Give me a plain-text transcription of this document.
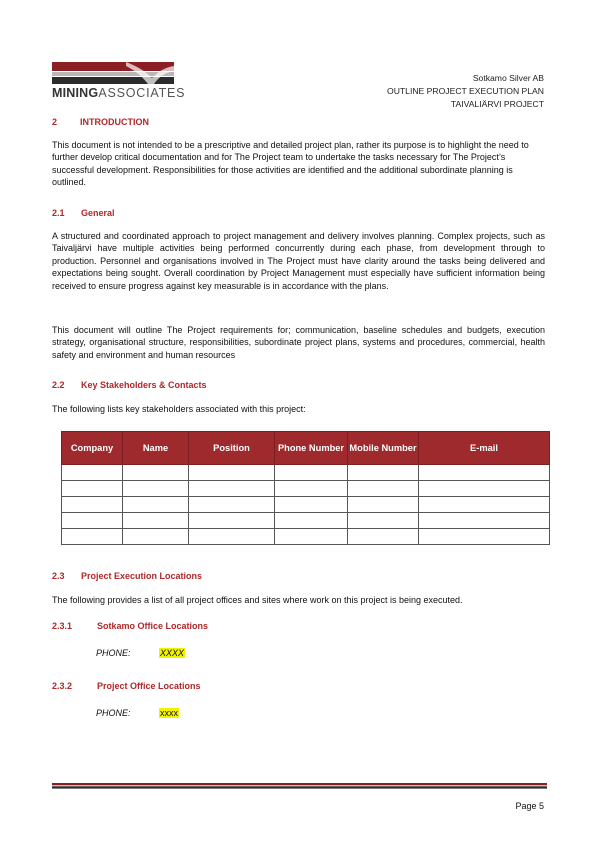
MININGASSOCIATES
Sotkamo Silver AB
OUTLINE PROJECT EXECUTION PLAN
TAIVALIÄRVI PROJECT
2	INTRODUCTION
This document is not intended to be a prescriptive and detailed project plan, rather its purpose is to highlight the need to further develop critical documentation and for The Project team to undertake the tasks necessary for The Project’s successful development. Responsibilities for those activities are identified and the additional subordinate planning is outlined.
2.1 General
A structured and coordinated approach to project management and delivery involves planning. Complex projects, such as Taivaljärvi have multiple activities being performed concurrently during each phase, from development through to production. Personnel and organisations involved in The Project must have clarity around the tasks being delivered and expectations being sought. Overall coordination by Project Management must especially have sufficient information being received to ensure progress against key measurable is in accordance with the plans.
This document will outline The Project requirements for; communication, baseline schedules and budgets, execution strategy, organisational structure, responsibilities, subordinate project plans, systems and procedures, commercial, health safety and environment and human resources
2.2 Key Stakeholders & Contacts
The following lists key stakeholders associated with this project:
Company	Name	Position	Phone Number	Mobile Number	E-mail

2.3 Project Execution Locations
The following provides a list of all project offices and sites where work on this project is being executed.
2.3.1	Sotkamo Office Locations
PHONE:	XXXX
2.3.2	Project Office Locations
PHONE:	xxxx
Page 5
